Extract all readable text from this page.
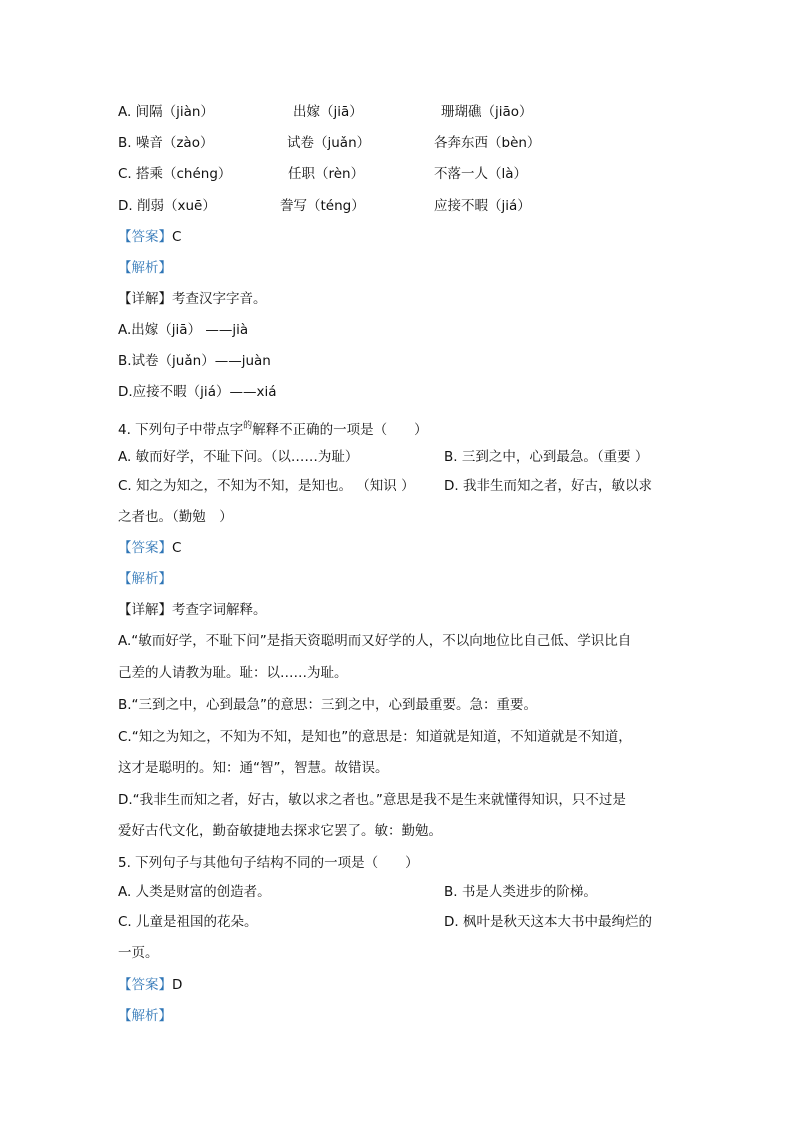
A. 间隔（jiàn）	出嫁（jiā）	珊瑚礁（jiāo）
B. 噪音（zào）	试卷（juǎn）	各奔东西（bèn）
C. 搭乘（chéng）	任职（rèn）	不落一人（là）
D. 削弱（xuē）	誊写（téng）	应接不暇（jiá）
【答案】C
【解析】
【详解】考查汉字字音。
A.出嫁（jiā） ——jià
B.试卷（juǎn）——juàn
D.应接不暇（jiá）——xiá
4. 下列句子中带点字$^的$解释不正确的一项是（　　）
A. 敏而好学，不耻下问。（以……为耻）	B. 三到之中，心到最急。（重要 ）
C. 知之为知之，不知为不知，是知也。 （知识 ） D. 我非生而知之者，好古，敏以求
之者也。（勤勉　）
【答案】C
【解析】
【详解】考查字词解释。
A.“敏而好学，不耻下问”是指天资聪明而又好学的人，不以向地位比自己低、学识比自
己差的人请教为耻。耻：以……为耻。
B.“三到之中，心到最急”的意思：三到之中，心到最重要。急：重要。
C.“知之为知之，不知为不知，是知也”的意思是：知道就是知道，不知道就是不知道，
这才是聪明的。知：通“智”，智慧。故错误。
D.“我非生而知之者，好古，敏以求之者也。”意思是我不是生来就懂得知识，只不过是
爱好古代文化，勤奋敏捷地去探求它罢了。敏：勤勉。
5. 下列句子与其他句子结构不同的一项是（　　）
A. 人类是财富的创造者。	B. 书是人类进步的阶梯。
C. 儿童是祖国的花朵。	D. 枫叶是秋天这本大书中最绚烂的
一页。
【答案】D
【解析】
